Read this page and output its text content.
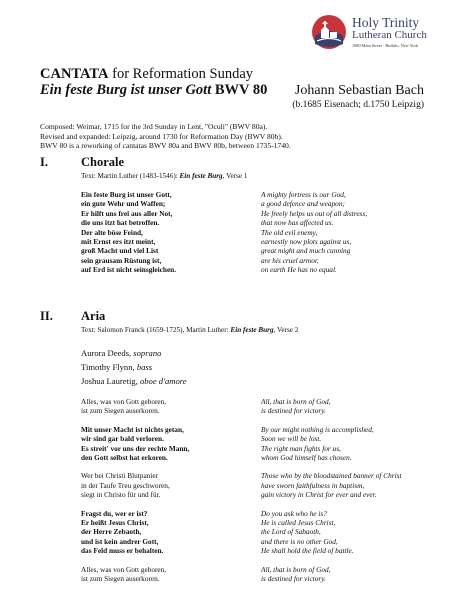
Holy Trinity
Lutheran Church
1080 Main Street · Buffalo, New York
CANTATA for Reformation Sunday
Ein feste Burg ist unser Gott BWV 80 Johann Sebastian Bach
(b.1685 Eisenach; d.1750 Leipzig)
Composed: Weimar, 1715 for the 3rd Sunday in Lent, "Oculi" (BWV 80a).
Revised and expanded: Leipzig, around 1730 for Reformation Day (BWV 80b).
BWV 80 is a reworking of cantatas BWV 80a and BWV 80b, between 1735-1740.
I.	Chorale
Text: Martin Luther (1483-1546): Ein feste Burg, Verse 1
Ein feste Burg ist unser Gott,
ein gute Wehr und Waffen;
Er hilft uns frei aus aller Not,
die uns itzt hat betroffen.
Der alte böse Feind,
mit Ernst ers itzt meint,
groß Macht und viel List
sein grausam Rüstung ist,
auf Erd ist nicht seinsgleichen.
A mighty fortress is our God,
a good defence and weapon;
He freely helps us out of all distress,
that now has affected us.
The old evil enemy,
earnestly now plots against us,
great might and much cunning
are his cruel armor,
on earth He has no equal.
II. Aria
Text: Salomon Franck (1659-1725), Martin Luther: Ein feste Burg, Verse 2
Aurora Deeds, soprano
Timothy Flynn, bass
Joshua Lauretig, oboe d'amore
Alles, was von Gott geboren,
ist zum Siegen auserkoren.
All, that is born of God,
is destined for victory.
Mit unser Macht ist nichts getan,
wir sind gar bald verloren.
Es streit' vor uns der rechte Mann,
den Gott selbst hat erkoren.
By our might nothing is accomplished,
Soon we will be lost.
The right man fights for us,
whom God himself has chosen.
Wer bei Christi Blutpanier
in der Taufe Treu geschworen,
siegt in Christo für und für.
Those who by the bloodstained banner of Christ
have sworn faithfulness in baptism,
gain victory in Christ for ever and ever.
Fragst du, wer er ist?
Er heißt Jesus Christ,
der Herre Zebaoth,
und ist kein andrer Gott,
das Feld muss er behalten.
Do you ask who he is?
He is called Jesus Christ,
the Lord of Sabaoth,
and there is no other God,
He shall hold the field of battle.
Alles, was von Gott geboren,
ist zum Siegen auserkoren.
All, that is born of God,
is destined for victory.
